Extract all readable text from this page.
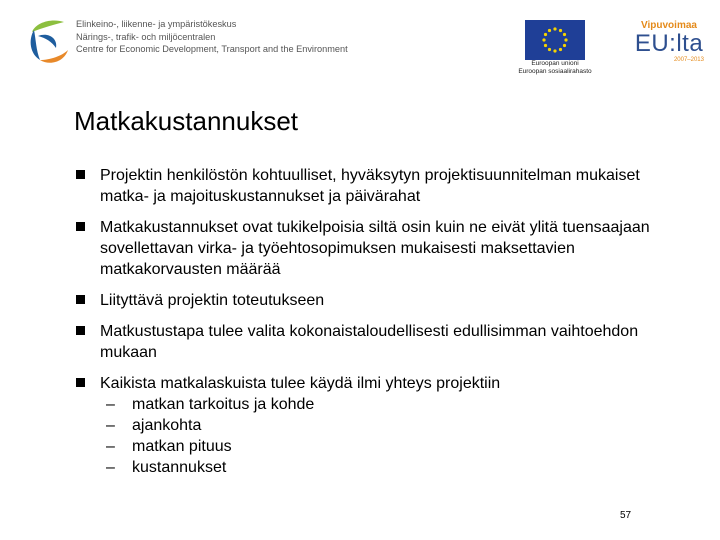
Elinkeino-, liikenne- ja ympäristökeskus
Närings-, trafik- och miljöcentralen
Centre for Economic Development, Transport and the Environment
Euroopan unioni
Euroopan sosiaalirahasto
Vipuvoimaa
EU:lta
2007–2013
Matkakustannukset
Projektin henkilöstön kohtuulliset, hyväksytyn projektisuunnitelman mukaiset matka- ja majoituskustannukset ja päivärahat
Matkakustannukset ovat tukikelpoisia siltä osin kuin ne eivät ylitä tuensaajaan sovellettavan virka- ja työehtosopimuksen mukaisesti maksettavien matkakorvausten määrää
Liityttävä projektin toteutukseen
Matkustustapa tulee valita kokonaistaloudellisesti edullisimman vaihtoehdon mukaan
Kaikista matkalaskuista tulee käydä ilmi yhteys projektiin
– matkan tarkoitus ja kohde
– ajankohta
– matkan pituus
– kustannukset
57
